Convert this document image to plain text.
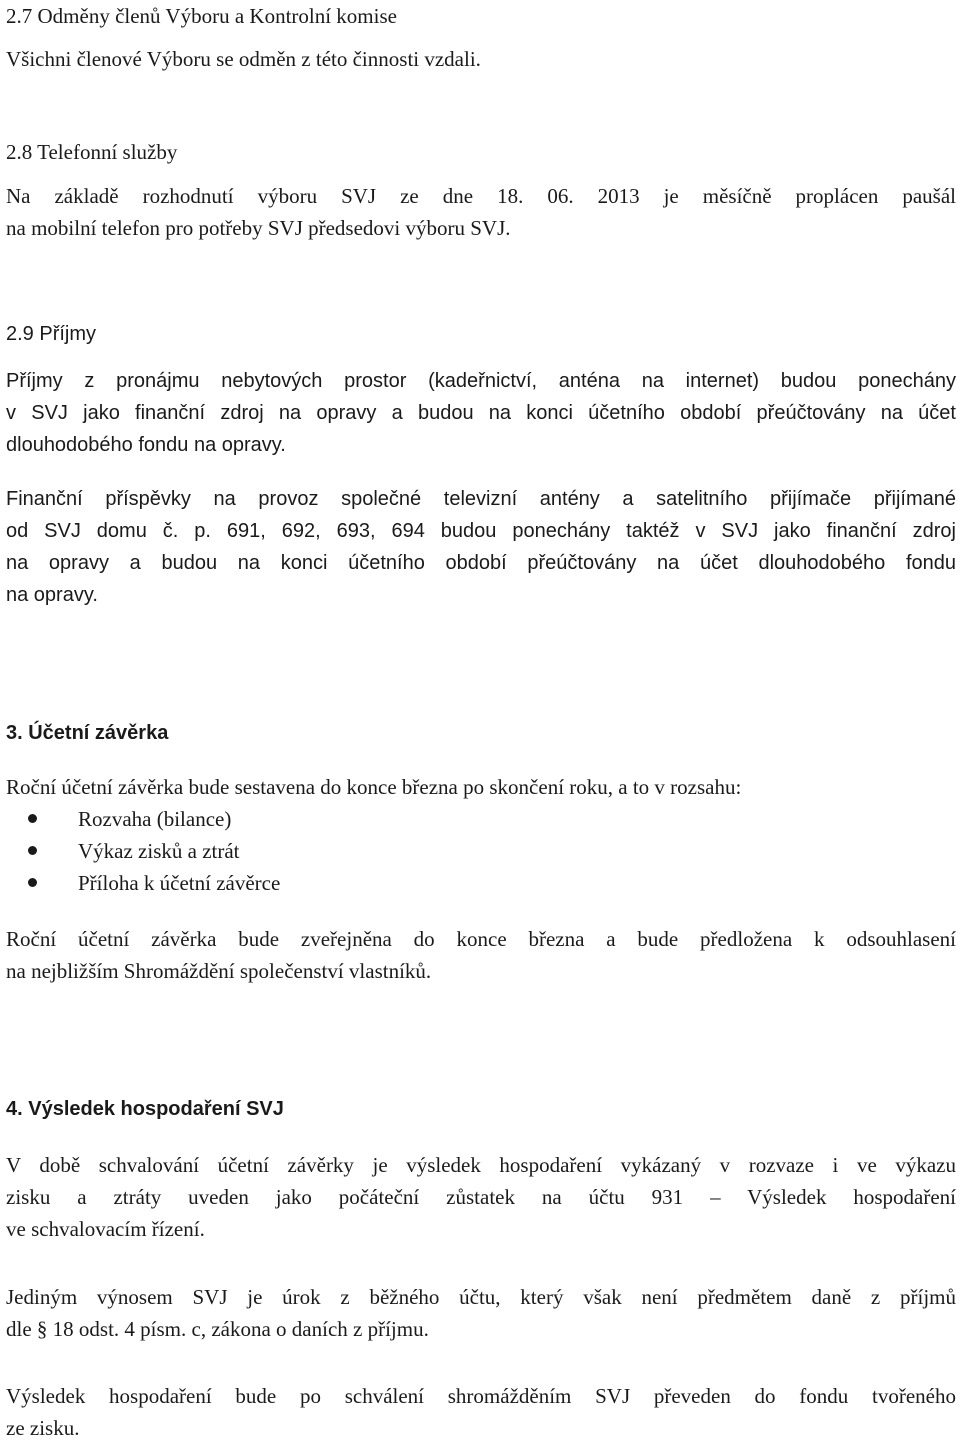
2.7 Odměny členů Výboru a Kontrolní komise
Všichni členové Výboru se odměn z této činnosti vzdali.
2.8 Telefonní služby
Na základě rozhodnutí výboru SVJ ze dne 18. 06. 2013 je měsíčně proplácen paušál
na mobilní telefon pro potřeby SVJ předsedovi výboru SVJ.
2.9 Příjmy
Příjmy z pronájmu nebytových prostor (kadeřnictví, anténa na internet) budou ponechány
v SVJ jako finanční zdroj na opravy a budou na konci účetního období přeúčtovány na účet
dlouhodobého fondu na opravy.
Finanční příspěvky na provoz společné televizní antény a satelitního přijímače přijímané
od SVJ domu č. p. 691, 692, 693, 694 budou ponechány taktéž v SVJ jako finanční zdroj
na opravy a budou na konci účetního období přeúčtovány na účet dlouhodobého fondu
na opravy.
3. Účetní závěrka
Roční účetní závěrka bude sestavena do konce března po skončení roku, a to v rozsahu:
Rozvaha (bilance)
Výkaz zisků a ztrát
Příloha k účetní závěrce
Roční účetní závěrka bude zveřejněna do konce března a bude předložena k odsouhlasení
na nejbližším Shromáždění společenství vlastníků.
4. Výsledek hospodaření SVJ
V době schvalování účetní závěrky je výsledek hospodaření vykázaný v rozvaze i ve výkazu
zisku a ztráty uveden jako počáteční zůstatek na účtu 931 – Výsledek hospodaření
ve schvalovacím řízení.
Jediným výnosem SVJ je úrok z běžného účtu, který však není předmětem daně z příjmů
dle § 18 odst. 4 písm. c, zákona o daních z příjmu.
Výsledek hospodaření bude po schválení shromážděním SVJ převeden do fondu tvořeného
ze zisku.
